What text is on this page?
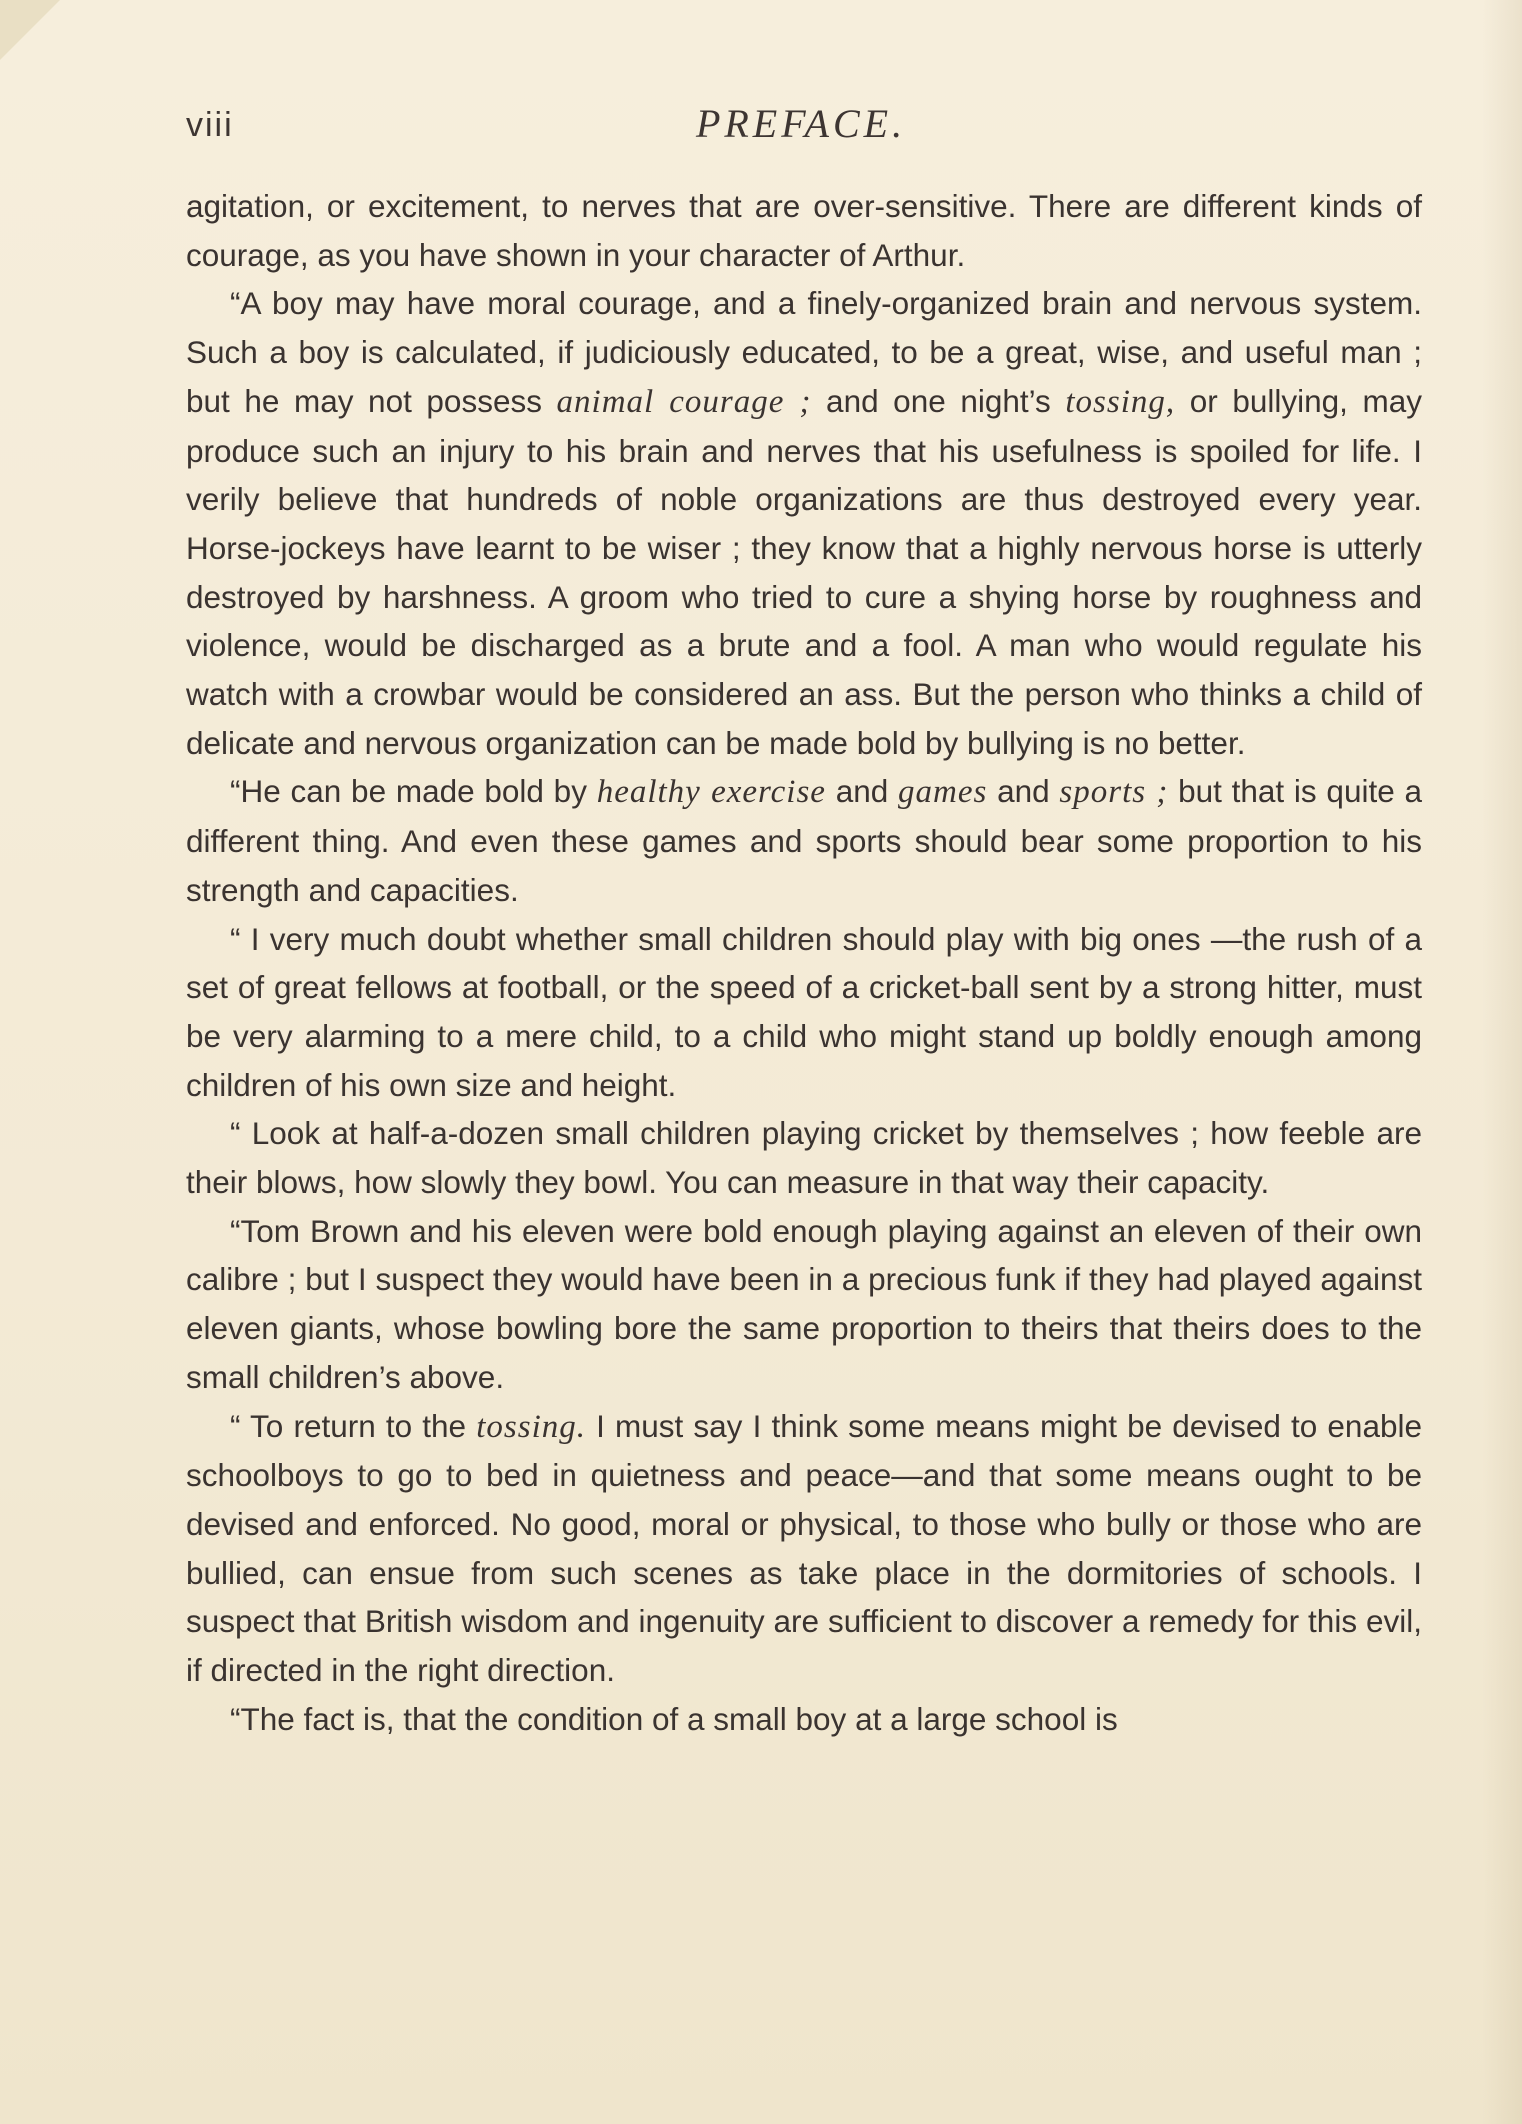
viii	PREFACE.

agitation, or excitement, to nerves that are over-sensitive. There are different kinds of courage, as you have shown in your character of Arthur.

“A boy may have moral courage, and a finely-organized brain and nervous system. Such a boy is calculated, if judiciously educated, to be a great, wise, and useful man ; but he may not possess animal courage ; and one night’s tossing, or bullying, may produce such an injury to his brain and nerves that his usefulness is spoiled for life. I verily believe that hundreds of noble organizations are thus destroyed every year. Horse-jockeys have learnt to be wiser ; they know that a highly nervous horse is utterly destroyed by harshness. A groom who tried to cure a shying horse by roughness and violence, would be discharged as a brute and a fool. A man who would regulate his watch with a crowbar would be considered an ass. But the person who thinks a child of delicate and nervous organization can be made bold by bullying is no better.

“He can be made bold by healthy exercise and games and sports ; but that is quite a different thing. And even these games and sports should bear some proportion to his strength and capacities.

“ I very much doubt whether small children should play with big ones —the rush of a set of great fellows at football, or the speed of a cricket-ball sent by a strong hitter, must be very alarming to a mere child, to a child who might stand up boldly enough among children of his own size and height.

“ Look at half-a-dozen small children playing cricket by themselves ; how feeble are their blows, how slowly they bowl. You can measure in that way their capacity.

“Tom Brown and his eleven were bold enough playing against an eleven of their own calibre ; but I suspect they would have been in a precious funk if they had played against eleven giants, whose bowling bore the same proportion to theirs that theirs does to the small children’s above.

“ To return to the tossing. I must say I think some means might be devised to enable schoolboys to go to bed in quietness and peace—and that some means ought to be devised and enforced. No good, moral or physical, to those who bully or those who are bullied, can ensue from such scenes as take place in the dormitories of schools. I suspect that British wisdom and ingenuity are sufficient to discover a remedy for this evil, if directed in the right direction.

“The fact is, that the condition of a small boy at a large school is
